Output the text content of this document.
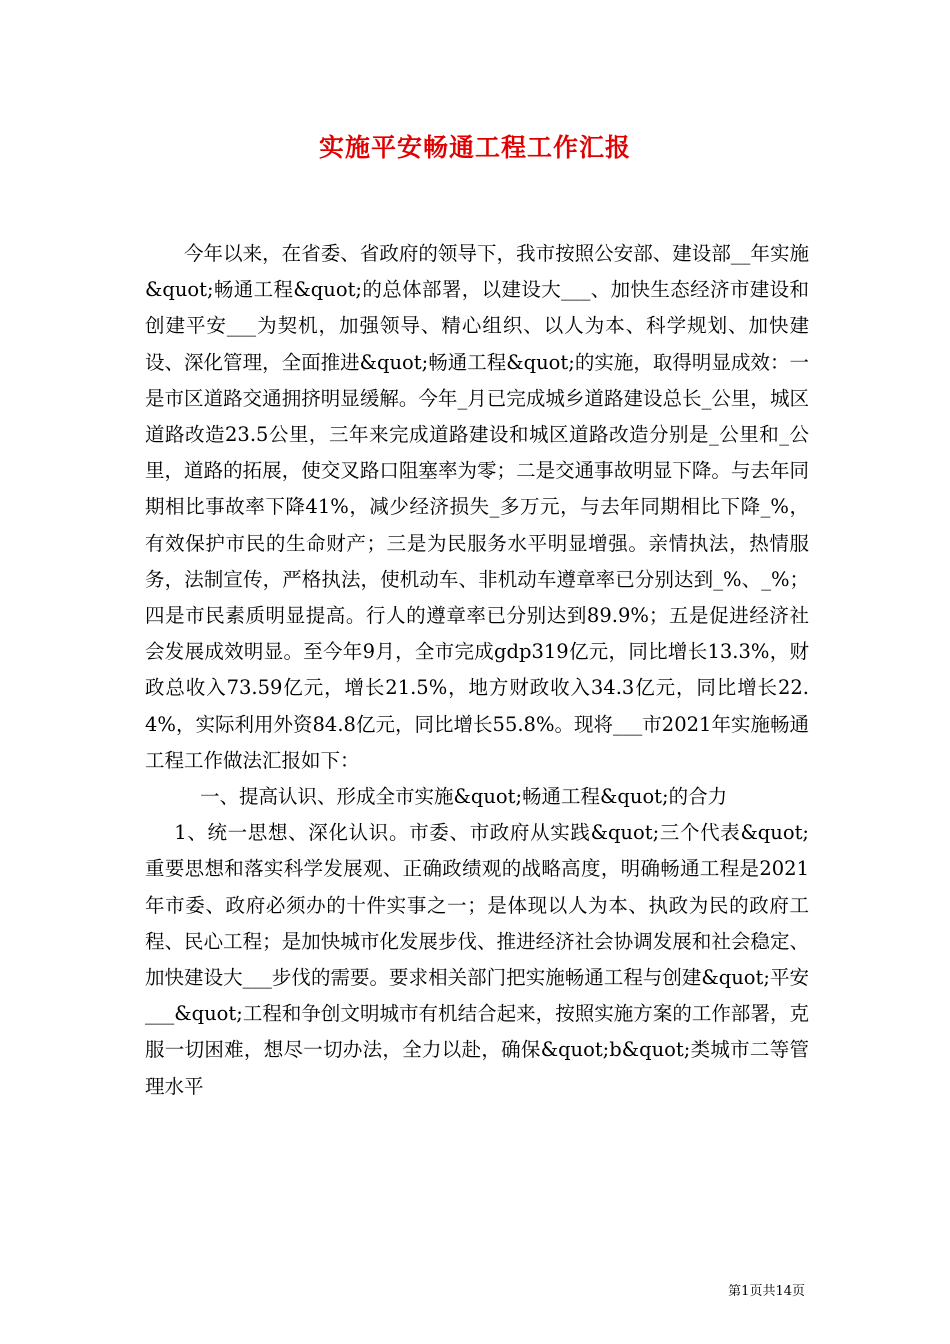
实施平安畅通工程工作汇报

今年以来，在省委、省政府的领导下，我市按照公安部、建设部__年实施&quot;畅通工程&quot;的总体部署，以建设大___、加快生态经济市建设和创建平安___为契机，加强领导、精心组织、以人为本、科学规划、加快建设、深化管理，全面推进&quot;畅通工程&quot;的实施，取得明显成效：一是市区道路交通拥挤明显缓解。今年_月已完成城乡道路建设总长_公里，城区道路改造23.5公里，三年来完成道路建设和城区道路改造分别是_公里和_公里，道路的拓展，使交叉路口阻塞率为零；二是交通事故明显下降。与去年同期相比事故率下降41%，减少经济损失_多万元，与去年同期相比下降_%，有效保护市民的生命财产；三是为民服务水平明显增强。亲情执法，热情服务，法制宣传，严格执法，使机动车、非机动车遵章率已分别达到_%、_%；四是市民素质明显提高。行人的遵章率已分别达到89.9%；五是促进经济社会发展成效明显。至今年9月，全市完成gdp319亿元，同比增长13.3%，财政总收入73.59亿元，增长21.5%，地方财政收入34.3亿元，同比增长22.4%，实际利用外资84.8亿元，同比增长55.8%。现将___市2021年实施畅通工程工作做法汇报如下：

一、提高认识、形成全市实施&quot;畅通工程&quot;的合力

1、统一思想、深化认识。市委、市政府从实践&quot;三个代表&quot;重要思想和落实科学发展观、正确政绩观的战略高度，明确畅通工程是2021年市委、政府必须办的十件实事之一；是体现以人为本、执政为民的政府工程、民心工程；是加快城市化发展步伐、推进经济社会协调发展和社会稳定、加快建设大___步伐的需要。要求相关部门把实施畅通工程与创建&quot;平安___&quot;工程和争创文明城市有机结合起来，按照实施方案的工作部署，克服一切困难，想尽一切办法，全力以赴，确保&quot;b&quot;类城市二等管理水平

第1页共14页
